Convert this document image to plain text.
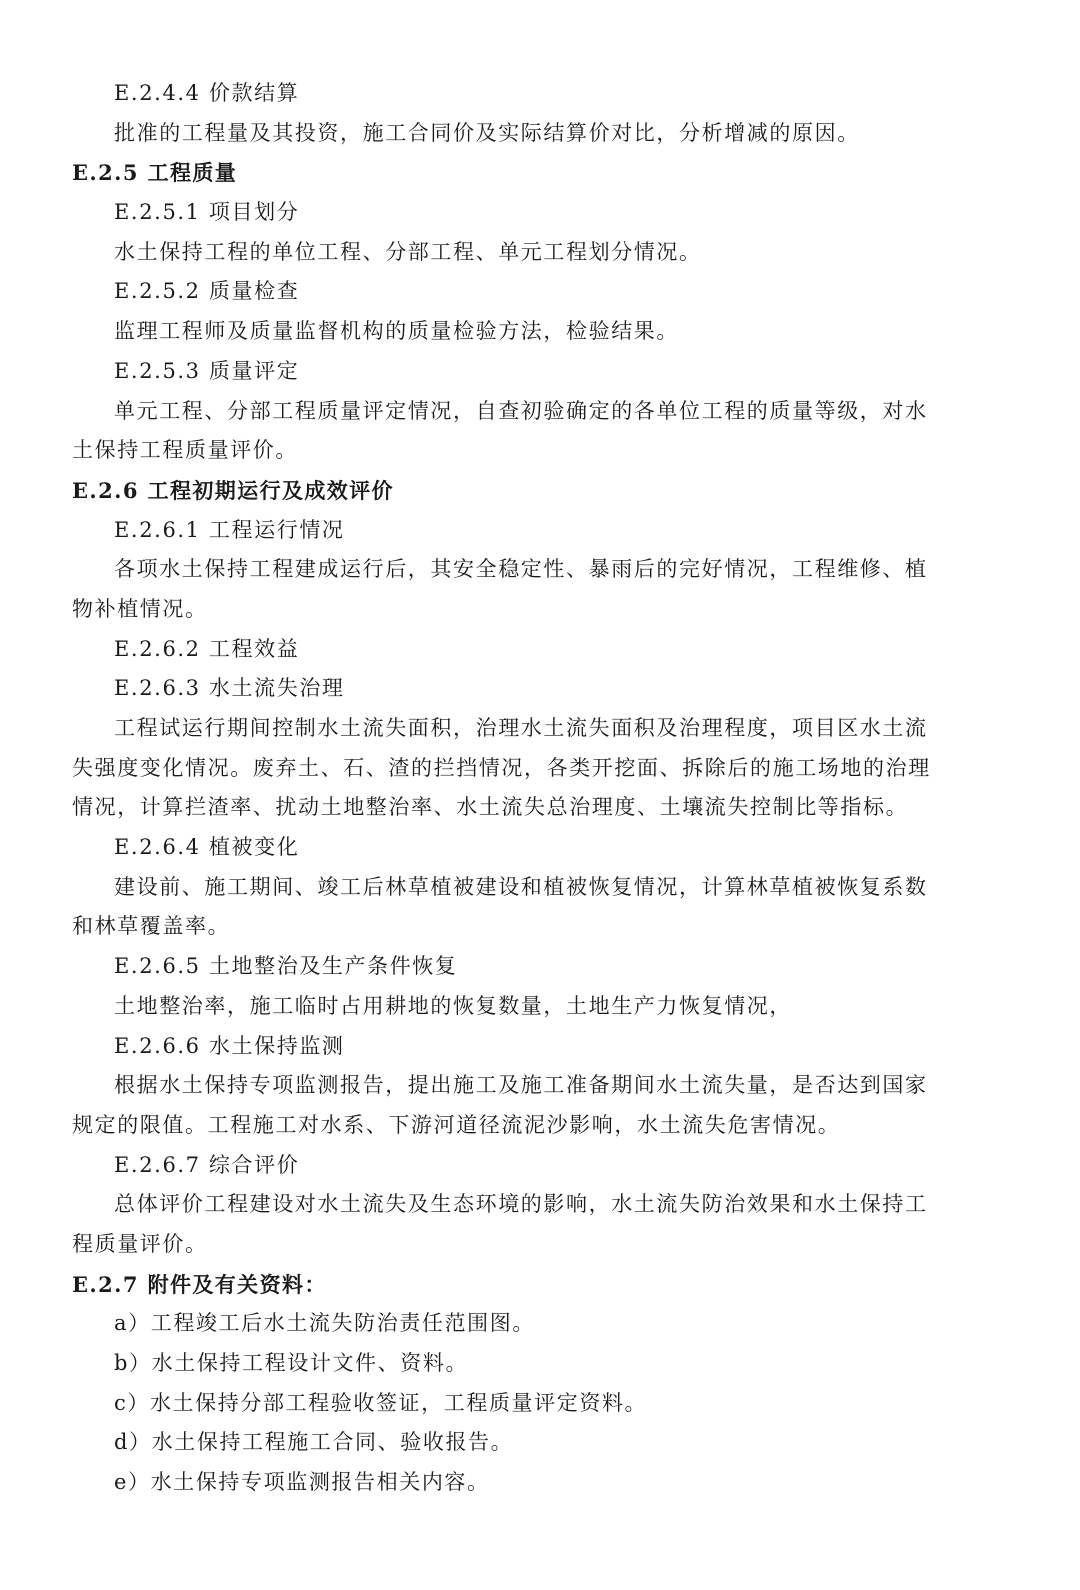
E.2.4.4 价款结算
批准的工程量及其投资，施工合同价及实际结算价对比，分析增减的原因。
E.2.5 工程质量
E.2.5.1 项目划分
水土保持工程的单位工程、分部工程、单元工程划分情况。
E.2.5.2 质量检查
监理工程师及质量监督机构的质量检验方法，检验结果。
E.2.5.3 质量评定
单元工程、分部工程质量评定情况，自查初验确定的各单位工程的质量等级，对水
土保持工程质量评价。
E.2.6 工程初期运行及成效评价
E.2.6.1 工程运行情况
各项水土保持工程建成运行后，其安全稳定性、暴雨后的完好情况，工程维修、植
物补植情况。
E.2.6.2 工程效益
E.2.6.3 水土流失治理
工程试运行期间控制水土流失面积，治理水土流失面积及治理程度，项目区水土流
失强度变化情况。废弃土、石、渣的拦挡情况，各类开挖面、拆除后的施工场地的治理
情况，计算拦渣率、扰动土地整治率、水土流失总治理度、土壤流失控制比等指标。
E.2.6.4 植被变化
建设前、施工期间、竣工后林草植被建设和植被恢复情况，计算林草植被恢复系数
和林草覆盖率。
E.2.6.5 土地整治及生产条件恢复
土地整治率，施工临时占用耕地的恢复数量，土地生产力恢复情况，
E.2.6.6 水土保持监测
根据水土保持专项监测报告，提出施工及施工准备期间水土流失量，是否达到国家
规定的限值。工程施工对水系、下游河道径流泥沙影响，水土流失危害情况。
E.2.6.7 综合评价
总体评价工程建设对水土流失及生态环境的影响，水土流失防治效果和水土保持工
程质量评价。
E.2.7 附件及有关资料：
a）工程竣工后水土流失防治责任范围图。
b）水土保持工程设计文件、资料。
c）水土保持分部工程验收签证，工程质量评定资料。
d）水土保持工程施工合同、验收报告。
e）水土保持专项监测报告相关内容。
